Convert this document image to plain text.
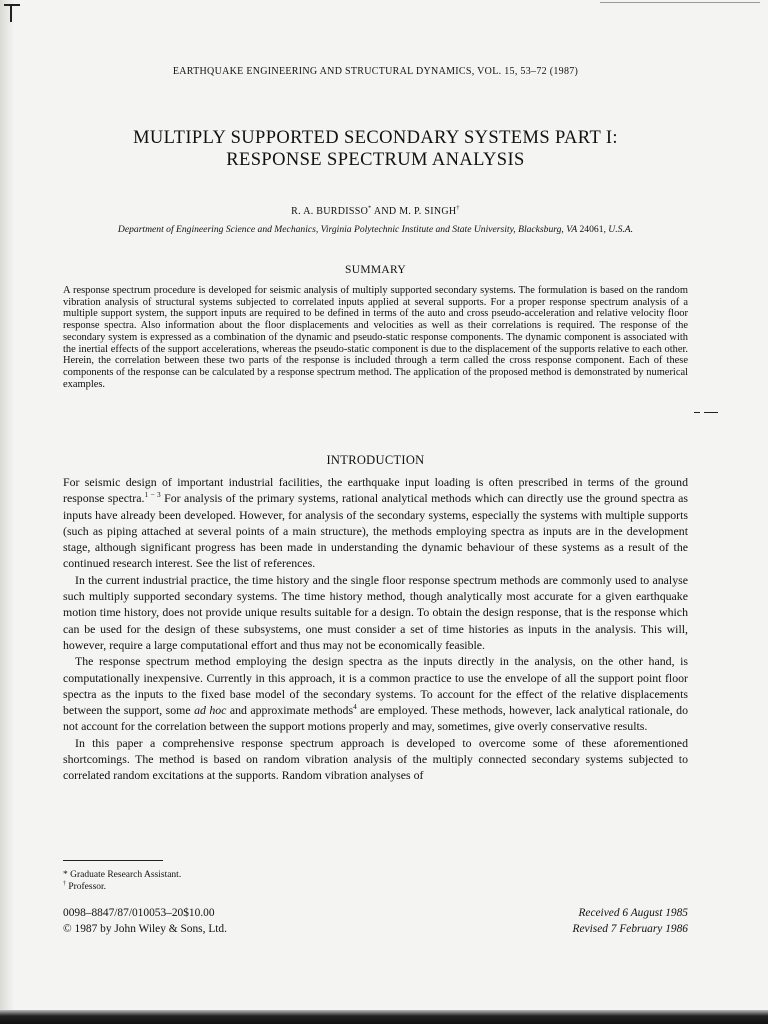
EARTHQUAKE ENGINEERING AND STRUCTURAL DYNAMICS, VOL. 15, 53–72 (1987)
MULTIPLY SUPPORTED SECONDARY SYSTEMS PART I:
RESPONSE SPECTRUM ANALYSIS
R. A. BURDISSO* AND M. P. SINGH†
Department of Engineering Science and Mechanics, Virginia Polytechnic Institute and State University, Blacksburg, VA 24061, U.S.A.
SUMMARY

A response spectrum procedure is developed for seismic analysis of multiply supported secondary systems. The formulation is based on the random vibration analysis of structural systems subjected to correlated inputs applied at several supports. For a proper response spectrum analysis of a multiple support system, the support inputs are required to be defined in terms of the auto and cross pseudo-acceleration and relative velocity floor response spectra. Also information about the floor displacements and velocities as well as their correlations is required. The response of the secondary system is expressed as a combination of the dynamic and pseudo-static response components. The dynamic component is associated with the inertial effects of the support accelerations, whereas the pseudo-static component is due to the displacement of the supports relative to each other. Herein, the correlation between these two parts of the response is included through a term called the cross response component. Each of these components of the response can be calculated by a response spectrum method. The application of the proposed method is demonstrated by numerical examples.

INTRODUCTION

For seismic design of important industrial facilities, the earthquake input loading is often prescribed in terms of the ground response spectra.$^{1 - 3}$ For analysis of the primary systems, rational analytical methods which can directly use the ground spectra as inputs have already been developed. However, for analysis of the secondary systems, especially the systems with multiple supports (such as piping attached at several points of a main structure), the methods employing spectra as inputs are in the development stage, although significant progress has been made in understanding the dynamic behaviour of these systems as a result of the continued research interest. See the list of references.

In the current industrial practice, the time history and the single floor response spectrum methods are commonly used to analyse such multiply supported secondary systems. The time history method, though analytically most accurate for a given earthquake motion time history, does not provide unique results suitable for a design. To obtain the design response, that is the response which can be used for the design of these subsystems, one must consider a set of time histories as inputs in the analysis. This will, however, require a large computational effort and thus may not be economically feasible.

The response spectrum method employing the design spectra as the inputs directly in the analysis, on the other hand, is computationally inexpensive. Currently in this approach, it is a common practice to use the envelope of all the support point floor spectra as the inputs to the fixed base model of the secondary systems. To account for the effect of the relative displacements between the support, some ad hoc and approximate methods$^4$ are employed. These methods, however, lack analytical rationale, do not account for the correlation between the support motions properly and may, sometimes, give overly conservative results.

In this paper a comprehensive response spectrum approach is developed to overcome some of these aforementioned shortcomings. The method is based on random vibration analysis of the multiply connected secondary systems subjected to correlated random excitations at the supports. Random vibration analyses of

* Graduate Research Assistant.
† Professor.
0098–8847/87/010053–20$10.00
© 1987 by John Wiley & Sons, Ltd.
Received 6 August 1985
Revised 7 February 1986
